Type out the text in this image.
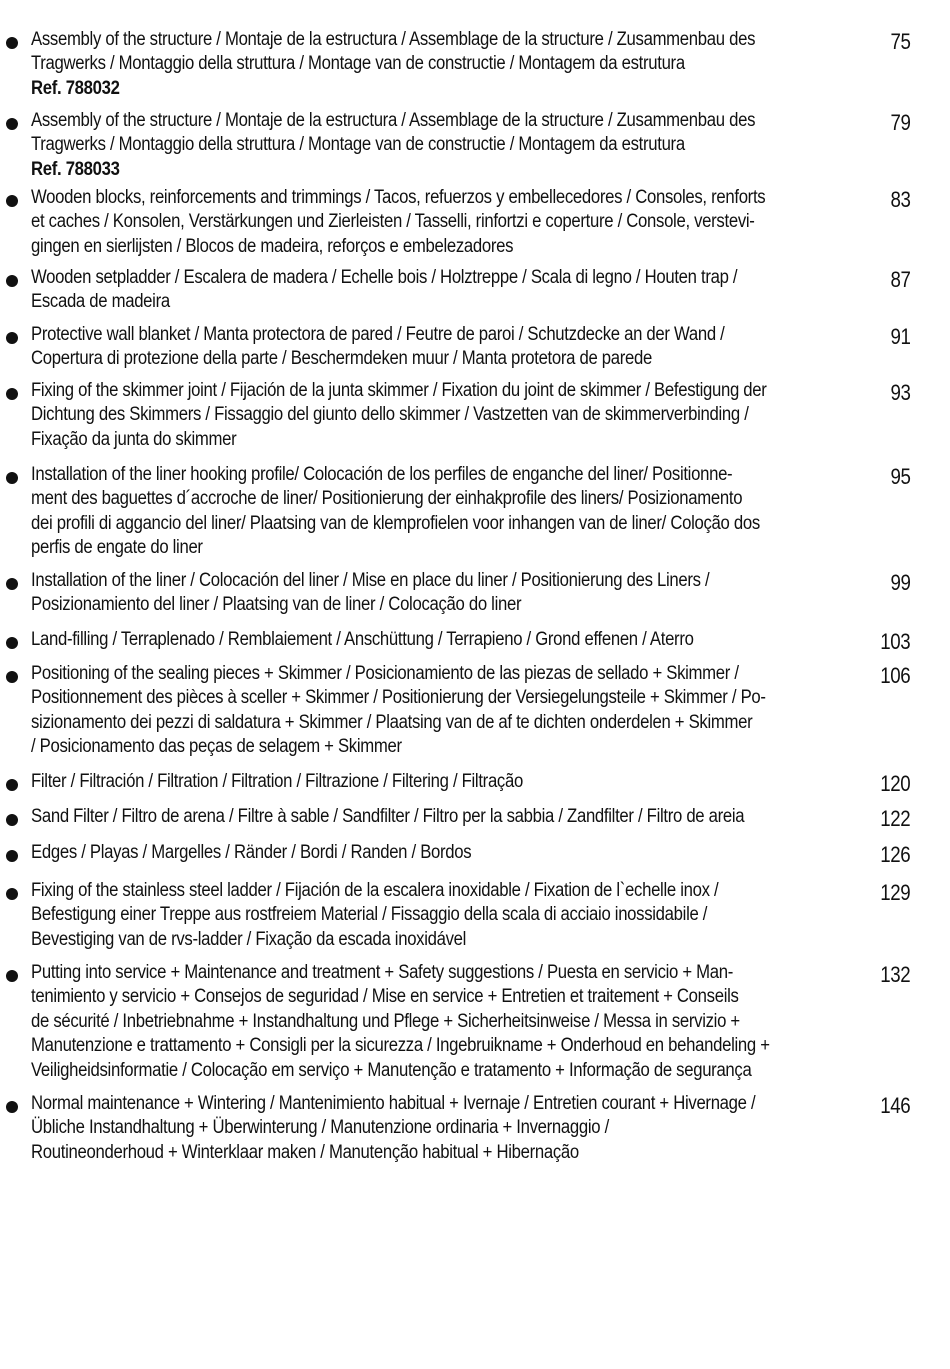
Assembly of the structure / Montaje de la estructura / Assemblage de la structure / Zusammenbau des
Tragwerks / Montaggio della struttura / Montage van de constructie / Montagem da estrutura
Ref. 788032
75
Assembly of the structure / Montaje de la estructura / Assemblage de la structure / Zusammenbau des
Tragwerks / Montaggio della struttura / Montage van de constructie / Montagem da estrutura
Ref. 788033
79
Wooden blocks, reinforcements and trimmings / Tacos, refuerzos y embellecedores / Consoles, renforts
et caches / Konsolen, Verstärkungen und Zierleisten / Tasselli, rinfortzi e coperture / Console, verstevi-
gingen en sierlijsten / Blocos de madeira, reforços e embelezadores
83
Wooden setpladder / Escalera de madera / Echelle bois / Holztreppe / Scala di legno / Houten trap /
Escada de madeira
87
Protective wall blanket / Manta protectora de pared / Feutre de paroi / Schutzdecke an der Wand /
Copertura di protezione della parte / Beschermdeken muur / Manta protetora de parede
91
Fixing of the skimmer joint / Fijación de la junta skimmer / Fixation du joint de skimmer / Befestigung der
Dichtung des Skimmers / Fissaggio del giunto dello skimmer / Vastzetten van de skimmerverbinding /
Fixação da junta do skimmer
93
Installation of the liner hooking profile/ Colocación de los perfiles de enganche del liner/ Positionne-
ment des baguettes d´accroche de liner/ Positionierung der einhakprofile des liners/ Posizionamento
dei profili di aggancio del liner/ Plaatsing van de klemprofielen voor inhangen van de liner/ Coloção dos
perfis de engate do liner
95
Installation of the liner / Colocación del liner / Mise en place du liner / Positionierung des Liners /
Posizionamiento del liner / Plaatsing van de liner / Colocação do liner
99
Land-filling / Terraplenado / Remblaiement / Anschüttung / Terrapieno / Grond effenen / Aterro	103
Positioning of the sealing pieces + Skimmer / Posicionamiento de las piezas de sellado + Skimmer /
Positionnement des pièces à sceller + Skimmer / Positionierung der Versiegelungsteile + Skimmer / Po-
sizionamento dei pezzi di saldatura + Skimmer / Plaatsing van de af te dichten onderdelen + Skimmer
/ Posicionamento das peças de selagem + Skimmer
106
Filter / Filtración / Filtration / Filtration / Filtrazione / Filtering / Filtração	120
Sand Filter / Filtro de arena / Filtre à sable / Sandfilter / Filtro per la sabbia / Zandfilter / Filtro de areia	122
Edges / Playas / Margelles / Ränder / Bordi / Randen / Bordos	126
Fixing of the stainless steel ladder / Fijación de la escalera inoxidable / Fixation de l`echelle inox /
Befestigung einer Treppe aus rostfreiem Material / Fissaggio della scala di acciaio inossidabile /
Bevestiging van de rvs-ladder / Fixação da escada inoxidável
129
Putting into service + Maintenance and treatment + Safety suggestions / Puesta en servicio + Man-
tenimiento y servicio + Consejos de seguridad / Mise en service + Entretien et traitement + Conseils
de sécurité / Inbetriebnahme + Instandhaltung und Pflege + Sicherheitsinweise / Messa in servizio +
Manutenzione e trattamento + Consigli per la sicurezza / Ingebruikname + Onderhoud en behandeling +
Veiligheidsinformatie / Colocação em serviço + Manutenção e tratamento + Informação de segurança
132
Normal maintenance + Wintering / Mantenimiento habitual + Ivernaje / Entretien courant + Hivernage /
Übliche Instandhaltung + Überwinterung / Manutenzione ordinaria + Invernaggio /
Routineonderhoud + Winterklaar maken / Manutenção habitual + Hibernação
146
